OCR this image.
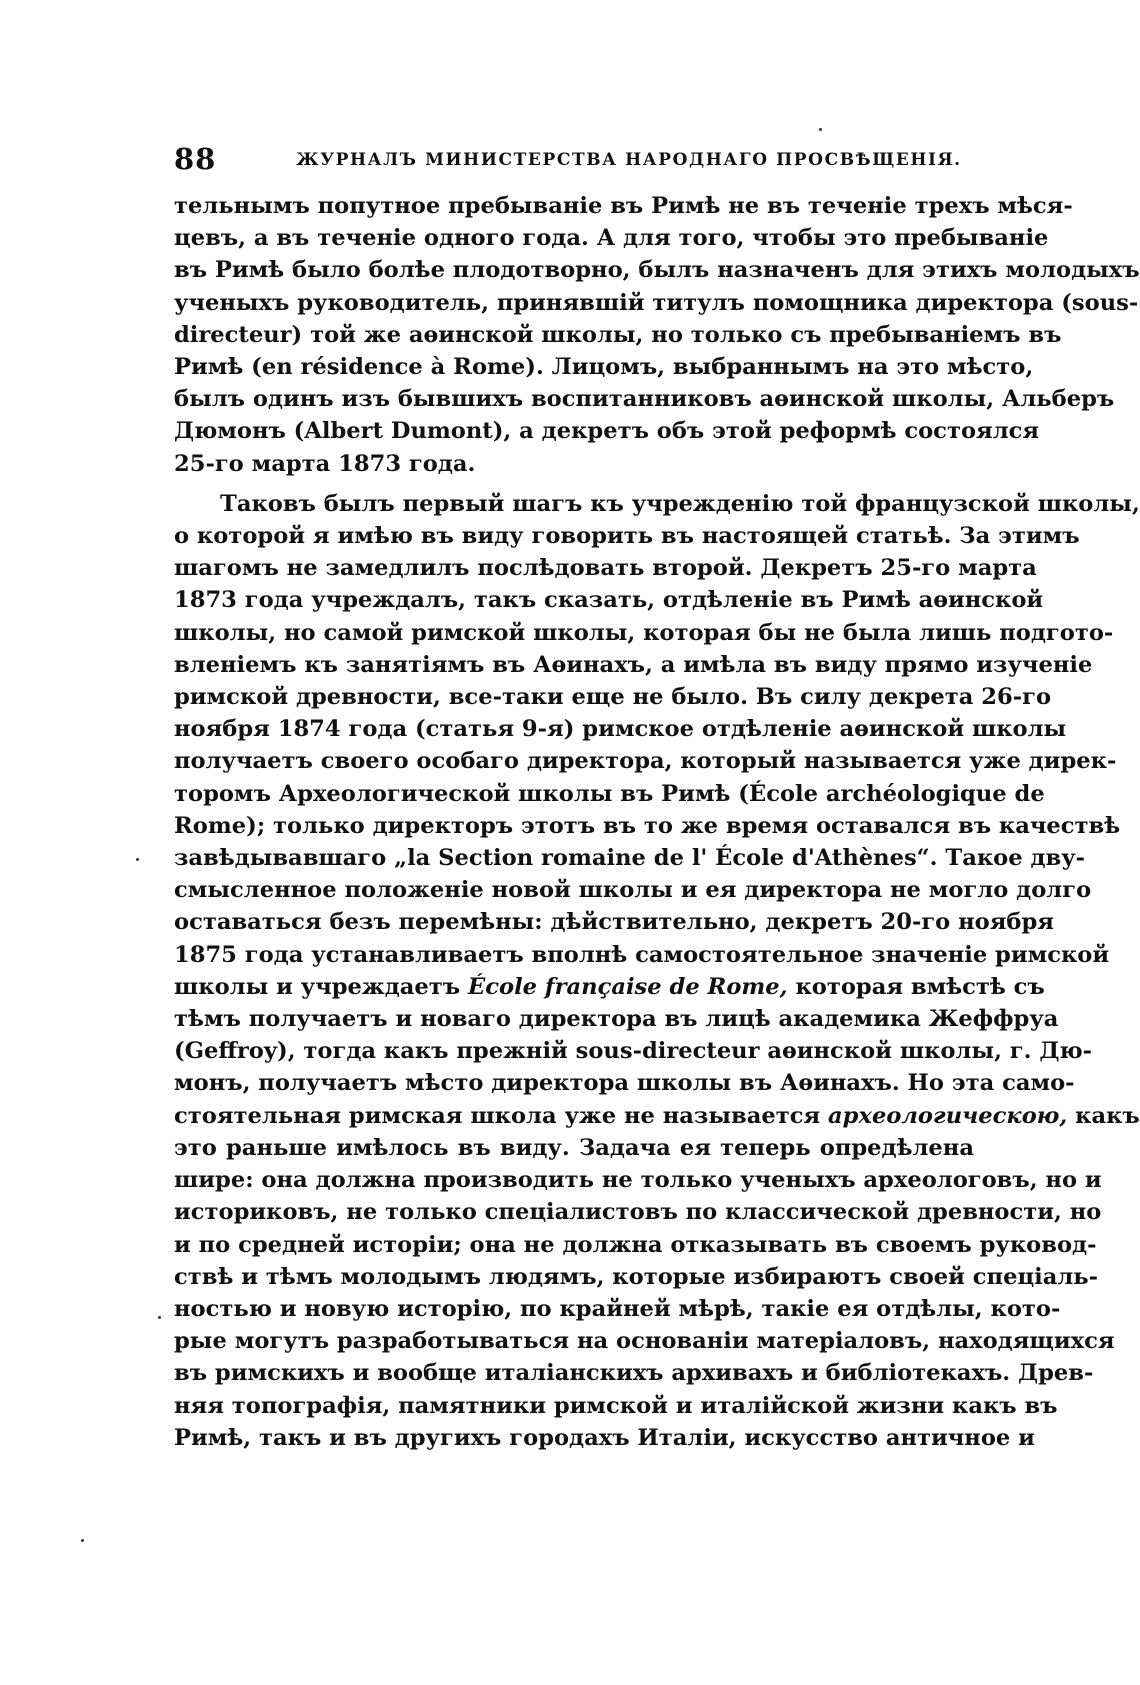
88	ЖУРНАЛЪ МИНИСТЕРСТВА НАРОДНАГО ПРОСВѢЩЕНІЯ.

тельнымъ попутное пребываніе въ Римѣ не въ теченіе трехъ мѣся-
цевъ, а въ теченіе одного года. А для того, чтобы это пребываніе
въ Римѣ было болѣе плодотворно, былъ назначенъ для этихъ молодыхъ
ученыхъ руководитель, принявшій титулъ помощника директора (sous-
directeur) той же аѳинской школы, но только съ пребываніемъ въ
Римѣ (en résidence à Rome). Лицомъ, выбраннымъ на это мѣсто,
былъ одинъ изъ бывшихъ воспитанниковъ аѳинской школы, Альберъ
Дюмонъ (Albert Dumont), а декретъ объ этой реформѣ состоялся
25-го марта 1873 года.

Таковъ былъ первый шагъ къ учрежденію той французской школы,
о которой я имѣю въ виду говорить въ настоящей статьѣ. За этимъ
шагомъ не замедлилъ послѣдовать второй. Декретъ 25-го марта
1873 года учреждалъ, такъ сказать, отдѣленіе въ Римѣ аѳинской
школы, но самой римской школы, которая бы не была лишь подгото-
вленіемъ къ занятіямъ въ Аѳинахъ, а имѣла въ виду прямо изученіе
римской древности, все-таки еще не было. Въ силу декрета 26-го
ноября 1874 года (статья 9-я) римское отдѣленіе аѳинской школы
получаетъ своего особаго директора, который называется уже дирек-
торомъ Археологической школы въ Римѣ (École archéologique de
Rome); только директоръ этотъ въ то же время оставался въ качествѣ
завѣдывавшаго „la Section romaine de l' École d'Athènes“. Такое дву-
смысленное положеніе новой школы и ея директора не могло долго
оставаться безъ перемѣны: дѣйствительно, декретъ 20-го ноября
1875 года устанавливаетъ вполнѣ самостоятельное значеніе римской
школы и учреждаетъ École française de Rome, которая вмѣстѣ съ
тѣмъ получаетъ и новаго директора въ лицѣ академика Жеффруа
(Geffroy), тогда какъ прежній sous-directeur аѳинской школы, г. Дю-
монъ, получаетъ мѣсто директора школы въ Аѳинахъ. Но эта само-
стоятельная римская школа уже не называется археологическою, какъ
это раньше имѣлось въ виду. Задача ея теперь опредѣлена
шире: она должна производить не только ученыхъ археологовъ, но и
историковъ, не только спеціалистовъ по классической древности, но
и по средней исторіи; она не должна отказывать въ своемъ руковод-
ствѣ и тѣмъ молодымъ людямъ, которые избираютъ своей спеціаль-
ностью и новую исторію, по крайней мѣрѣ, такіе ея отдѣлы, кото-
рые могутъ разработываться на основаніи матеріаловъ, находящихся
въ римскихъ и вообще италіанскихъ архивахъ и библіотекахъ. Древ-
няя топографія, памятники римской и италійской жизни какъ въ
Римѣ, такъ и въ другихъ городахъ Италіи, искусство античное и
